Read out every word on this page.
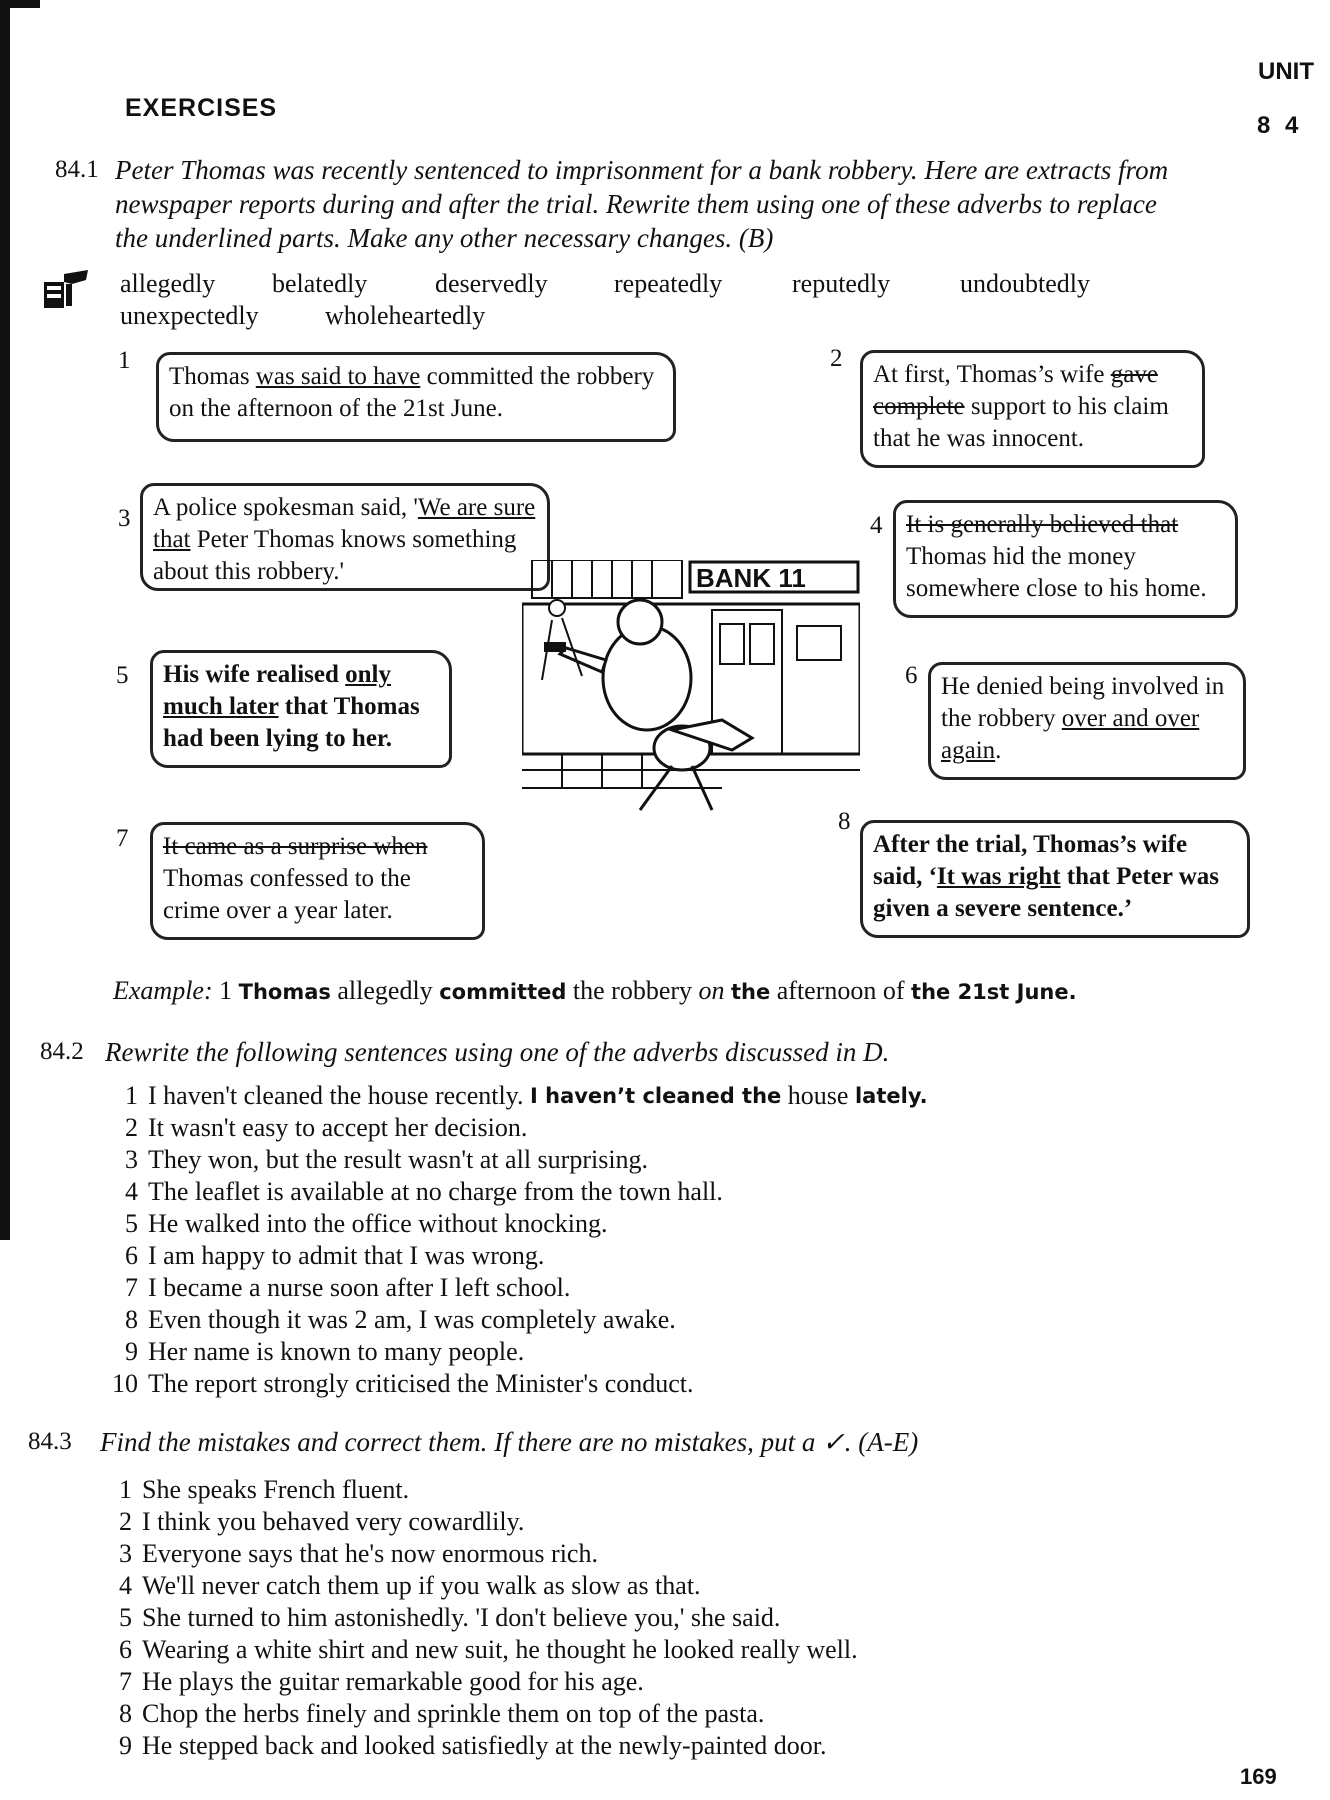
UNIT
8 4
EXERCISES
84.1 Peter Thomas was recently sentenced to imprisonment for a bank robbery. Here are extracts from newspaper reports during and after the trial. Rewrite them using one of these adverbs to replace the underlined parts. Make any other necessary changes. (B)
allegedly belatedly	deservedly	repeatedly	reputedly	undoubtedly
unexpectedly	wholeheartedly
1
Thomas was said to have committed the robbery on the afternoon of the 21st June.
2
At first, Thomas’s wife gave complete support to his claim that he was innocent.
3 A police spokesman said, 'We are sure that Peter Thomas knows something about this robbery.'
4 It is generally believed that Thomas hid the money somewhere close to his home.
5	His wife realised only much later that Thomas had been lying to her.
6 He denied being involved in the robbery over and over again.
7	It came as a surprise when Thomas confessed to the crime over a year later.
8
After the trial, Thomas’s wife said, ‘It was right that Peter was given a severe sentence.’
BANK 11
Example: 1 Thomas allegedly committed the robbery on the afternoon of the 21st June.
84.2 Rewrite the following sentences using one of the adverbs discussed in D.
1 I haven't cleaned the house recently.
I haven’t cleaned the
house
lately.
2 It wasn't easy to accept her decision.
3 They won, but the result wasn't at all surprising.
4 The leaflet is available at no charge from the town hall.
5 He walked into the office without knocking.
6 I am happy to admit that I was wrong.
7 I became a nurse soon after I left school.
8 Even though it was 2 am, I was completely awake.
9 Her name is known to many people.
10 The report strongly criticised the Minister's conduct.
84.3 Find the mistakes and correct them. If there are no mistakes, put a ✓. (A-E)
1 She speaks French fluent.
2 I think you behaved very cowardlily.
3 Everyone says that he's now enormous rich.
4 We'll never catch them up if you walk as slow as that.
5 She turned to him astonishedly. 'I don't believe you,' she said.
6 Wearing a white shirt and new suit, he thought he looked really well.
7 He plays the guitar remarkable good for his age.
8 Chop the herbs finely and sprinkle them on top of the pasta.
9 He stepped back and looked satisfiedly at the newly-painted door.
169
